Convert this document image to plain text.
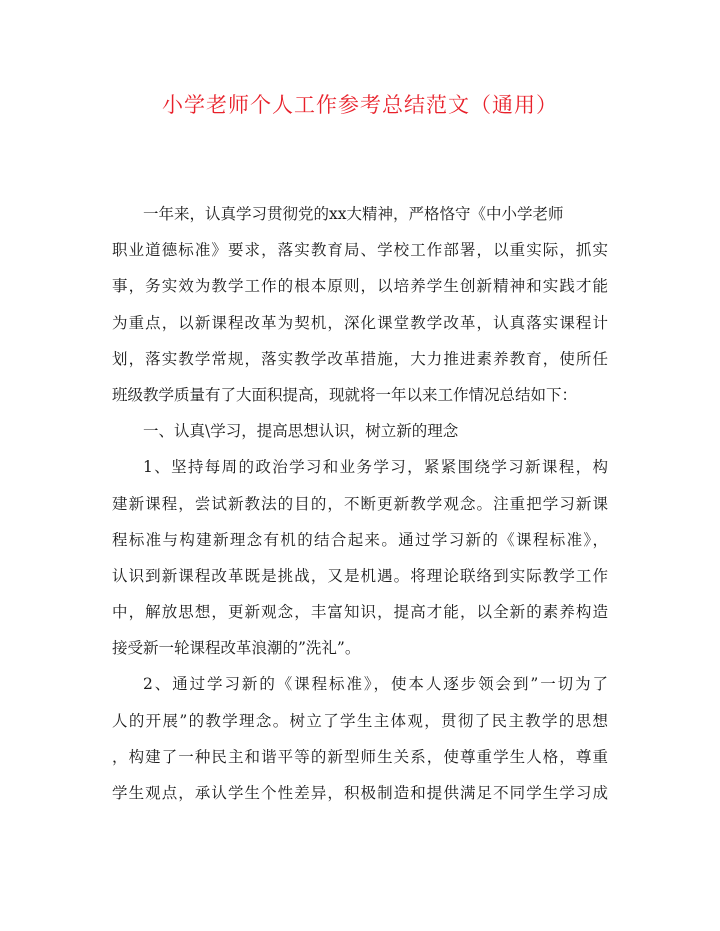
小学老师个人工作参考总结范文（通用）
一年来，认真学习贯彻党的xx大精神，严格恪守《中小学老师
职业道德标准》要求，落实教育局、学校工作部署，以重实际，抓实
事，务实效为教学工作的根本原则，以培养学生创新精神和实践才能
为重点，以新课程改革为契机，深化课堂教学改革，认真落实课程计
划，落实教学常规，落实教学改革措施，大力推进素养教育，使所任
班级教学质量有了大面积提高，现就将一年以来工作情况总结如下：
一、认真\学习，提高思想认识，树立新的理念
1、坚持每周的政治学习和业务学习，紧紧围绕学习新课程，构
建新课程，尝试新教法的目的，不断更新教学观念。注重把学习新课
程标准与构建新理念有机的结合起来。通过学习新的《课程标准》，
认识到新课程改革既是挑战，又是机遇。将理论联络到实际教学工作
中，解放思想，更新观念，丰富知识，提高才能，以全新的素养构造
接受新一轮课程改革浪潮的”洗礼”。
2、通过学习新的《课程标准》，使本人逐步领会到”一切为了
人的开展”的教学理念。树立了学生主体观，贯彻了民主教学的思想
，构建了一种民主和谐平等的新型师生关系，使尊重学生人格，尊重
学生观点，承认学生个性差异，积极制造和提供满足不同学生学习成
